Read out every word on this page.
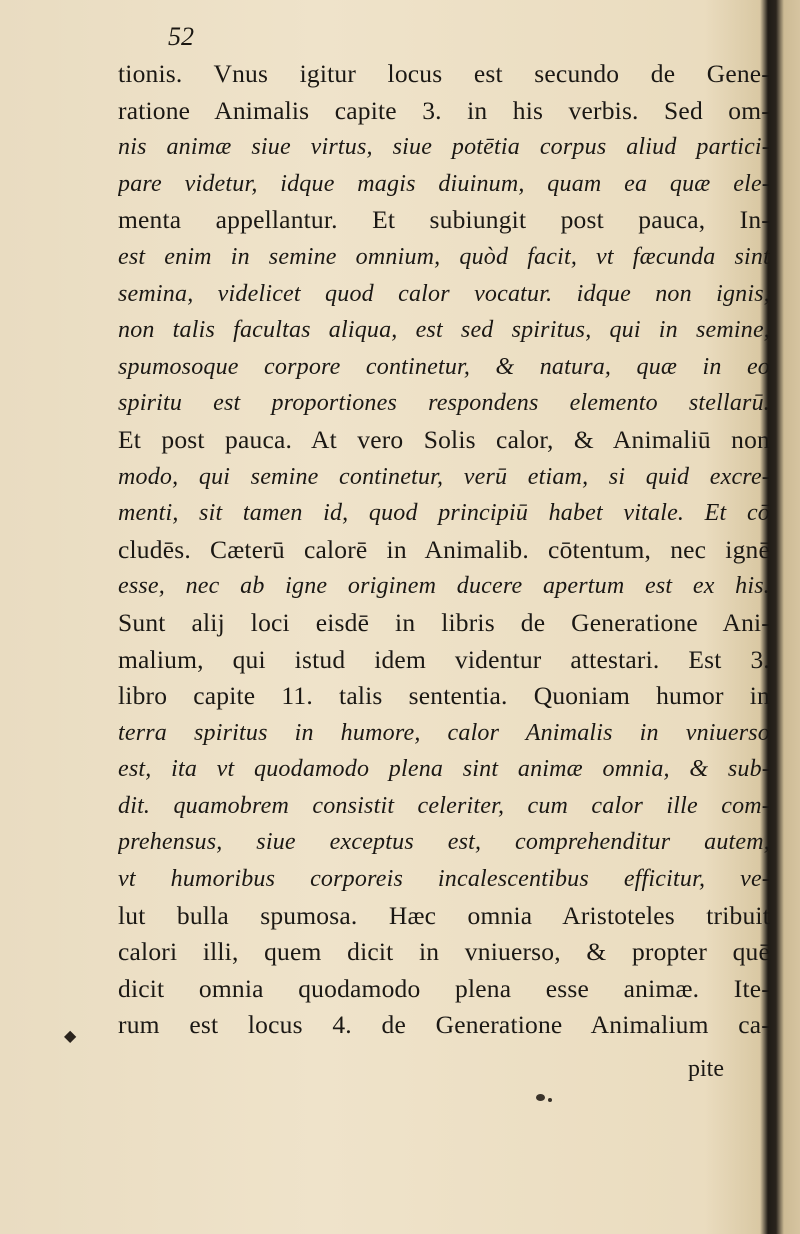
52
◆
tionis. Vnus igitur locus est secundo de Gene-
ratione Animalis capite 3. in his verbis. Sed om-
nis animæ siue virtus, siue potētia corpus aliud partici-
pare videtur, idque magis diuinum, quam ea quæ ele-
menta appellantur. Et subiungit post pauca, In-
est enim in semine omnium, quòd facit, vt fæcunda sint
semina, videlicet quod calor vocatur. idque non ignis,
non talis facultas aliqua, est sed spiritus, qui in semine,
spumosoque corpore continetur, & natura, quæ in eo
spiritu est proportiones respondens elemento stellarū.
Et post pauca. At vero Solis calor, & Animaliū non
modo, qui semine continetur, verū etiam, si quid excre-
menti, sit tamen id, quod principiū habet vitale. Et cō
cludēs. Cæterū calorē in Animalib. cōtentum, nec ignē
esse, nec ab igne originem ducere apertum est ex his.
Sunt alij loci eisdē in libris de Generatione Ani-
malium, qui istud idem videntur attestari. Est 3.
libro capite 11. talis sententia. Quoniam humor in
terra spiritus in humore, calor Animalis in vniuerso
est, ita vt quodamodo plena sint animæ omnia, & sub-
dit. quamobrem consistit celeriter, cum calor ille com-
prehensus, siue exceptus est, comprehenditur autem,
vt humoribus corporeis incalescentibus efficitur, ve-
lut bulla spumosa. Hæc omnia Aristoteles tribuit
calori illi, quem dicit in vniuerso, & propter quē
dicit omnia quodamodo plena esse animæ. Ite-
rum est locus 4. de Generatione Animalium ca-
pite
